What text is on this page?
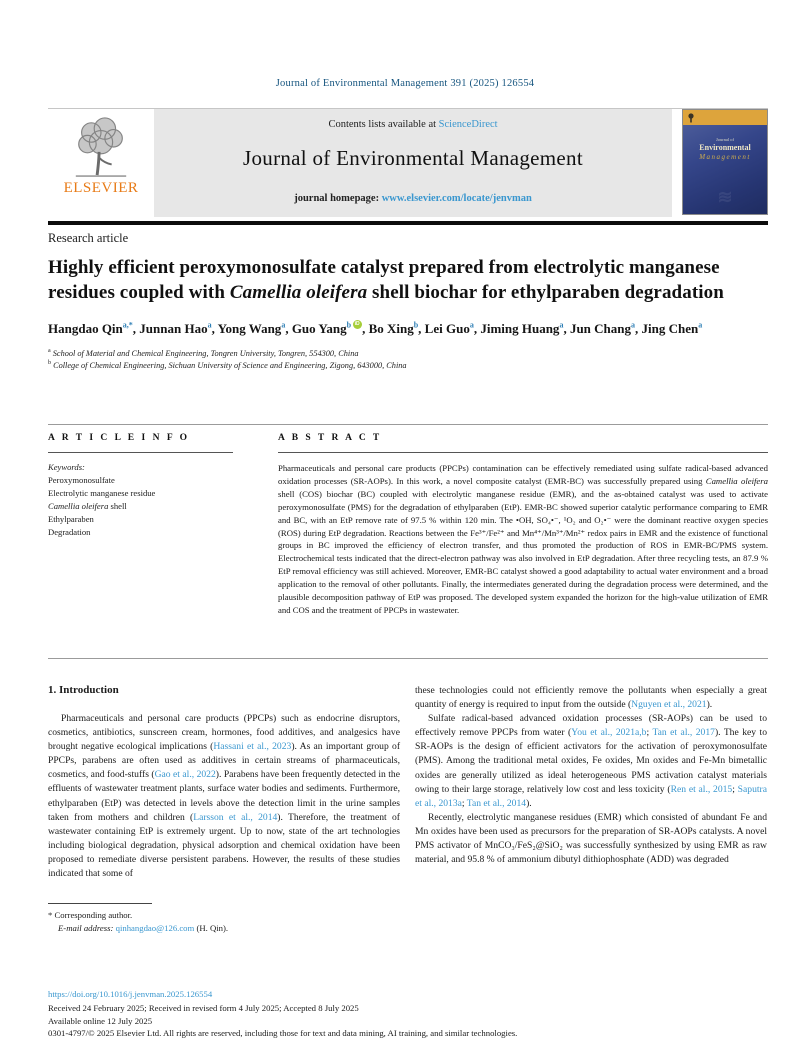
Journal of Environmental Management 391 (2025) 126554
ELSEVIER
Contents lists available at ScienceDirect
Journal of Environmental Management
journal homepage: www.elsevier.com/locate/jenvman
Journal of
Environmental
Management
≋
Research article
Highly efficient peroxymonosulfate catalyst prepared from electrolytic manganese residues coupled with Camellia oleifera shell biochar for ethylparaben degradation
Hangdao Qin$^{a,*}$, Junnan Hao$^a$, Yong Wang$^a$, Guo Yang$^b$ iD , Bo Xing$^b$, Lei Guo$^a$, Jiming Huang$^a$, Jun Chang$^a$, Jing Chen$^a$
$^a$ School of Material and Chemical Engineering, Tongren University, Tongren, 554300, China
$^b$ College of Chemical Engineering, Sichuan University of Science and Engineering, Zigong, 643000, China
A R T I C L E I N F O
Keywords:
Peroxymonosulfate
Electrolytic manganese residue
Camellia oleifera shell
Ethylparaben
Degradation
A B S T R A C T

Pharmaceuticals and personal care products (PPCPs) contamination can be effectively remediated using sulfate radical-based advanced oxidation processes (SR-AOPs). In this work, a novel composite catalyst (EMR-BC) was successfully prepared using Camellia oleifera shell (COS) biochar (BC) coupled with electrolytic manganese residue (EMR), and the as-obtained catalyst was used to activate peroxymonosulfate (PMS) for the degradation of ethylparaben (EtP). EMR-BC showed superior catalytic performance comparing to EMR and BC, with an EtP remove rate of 97.5 % within 120 min. The •OH, SO₄•⁻, ¹O₂ and O₂•⁻ were the dominant reactive oxygen species (ROS) during EtP degradation. Reactions between the Fe³⁺/Fe²⁺ and Mn⁴⁺/Mn³⁺/Mn²⁺ redox pairs in EMR and the existence of functional groups in BC improved the efficiency of electron transfer, and thus promoted the production of ROS in EMR-BC/PMS system. Electrochemical tests indicated that the direct-electron pathway was also involved in EtP degradation. After three recycling tests, an 87.9 % EtP removal efficiency was still achieved. Moreover, EMR-BC catalyst showed a good adaptability to actual water environment and a broad application to the removal of other pollutants. Finally, the intermediates generated during the degradation process were determined, and the plausible decomposition pathway of EtP was proposed. The developed system expanded the horizon for the high-value utilization of EMR and COS and the treatment of PPCPs in wastewater.

1. Introduction

Pharmaceuticals and personal care products (PPCPs) such as endocrine disruptors, cosmetics, antibiotics, sunscreen cream, hormones, food additives, and analgesics have brought negative ecological implications (Hassani et al., 2023). As an important group of PPCPs, parabens are often used as additives in certain streams of pharmaceuticals, cosmetics, and food-stuffs (Gao et al., 2022). Parabens have been frequently detected in the effluents of wastewater treatment plants, surface water bodies and sediments. Furthermore, ethylparaben (EtP) was detected in levels above the detection limit in the urine samples taken from mothers and children (Larsson et al., 2014). Therefore, the treatment of wastewater containing EtP is extremely urgent. Up to now, state of the art technologies including biological degradation, physical adsorption and chemical oxidation have been proposed to remediate diverse persistent parabens. However, the results of these studies indicated that some of

* Corresponding author.
E-mail address: qinhangdao@126.com (H. Qin).

these technologies could not efficiently remove the pollutants when especially a great quantity of energy is required to input from the outside (Nguyen et al., 2021).

Sulfate radical-based advanced oxidation processes (SR-AOPs) can be used to effectively remove PPCPs from water (You et al., 2021a,b; Tan et al., 2017). The key to SR-AOPs is the design of efficient activators for the activation of peroxymonosulfate (PMS). Among the traditional metal oxides, Fe oxides, Mn oxides and Fe-Mn bimetallic oxides are generally utilized as ideal heterogeneous PMS activation catalyst materials owing to their large storage, relatively low cost and less toxicity (Ren et al., 2015; Saputra et al., 2013a; Tan et al., 2014).

Recently, electrolytic manganese residues (EMR) which consisted of abundant Fe and Mn oxides have been used as precursors for the preparation of SR-AOPs catalysts. A novel PMS activator of MnCO₃/FeS₂@SiO₂ was successfully synthesized by using EMR as raw material, and 95.8 % of ammonium dibutyl dithiophosphate (ADD) was degraded

https://doi.org/10.1016/j.jenvman.2025.126554
Received 24 February 2025; Received in revised form 4 July 2025; Accepted 8 July 2025
Available online 12 July 2025
0301-4797/© 2025 Elsevier Ltd. All rights are reserved, including those for text and data mining, AI training, and similar technologies.
